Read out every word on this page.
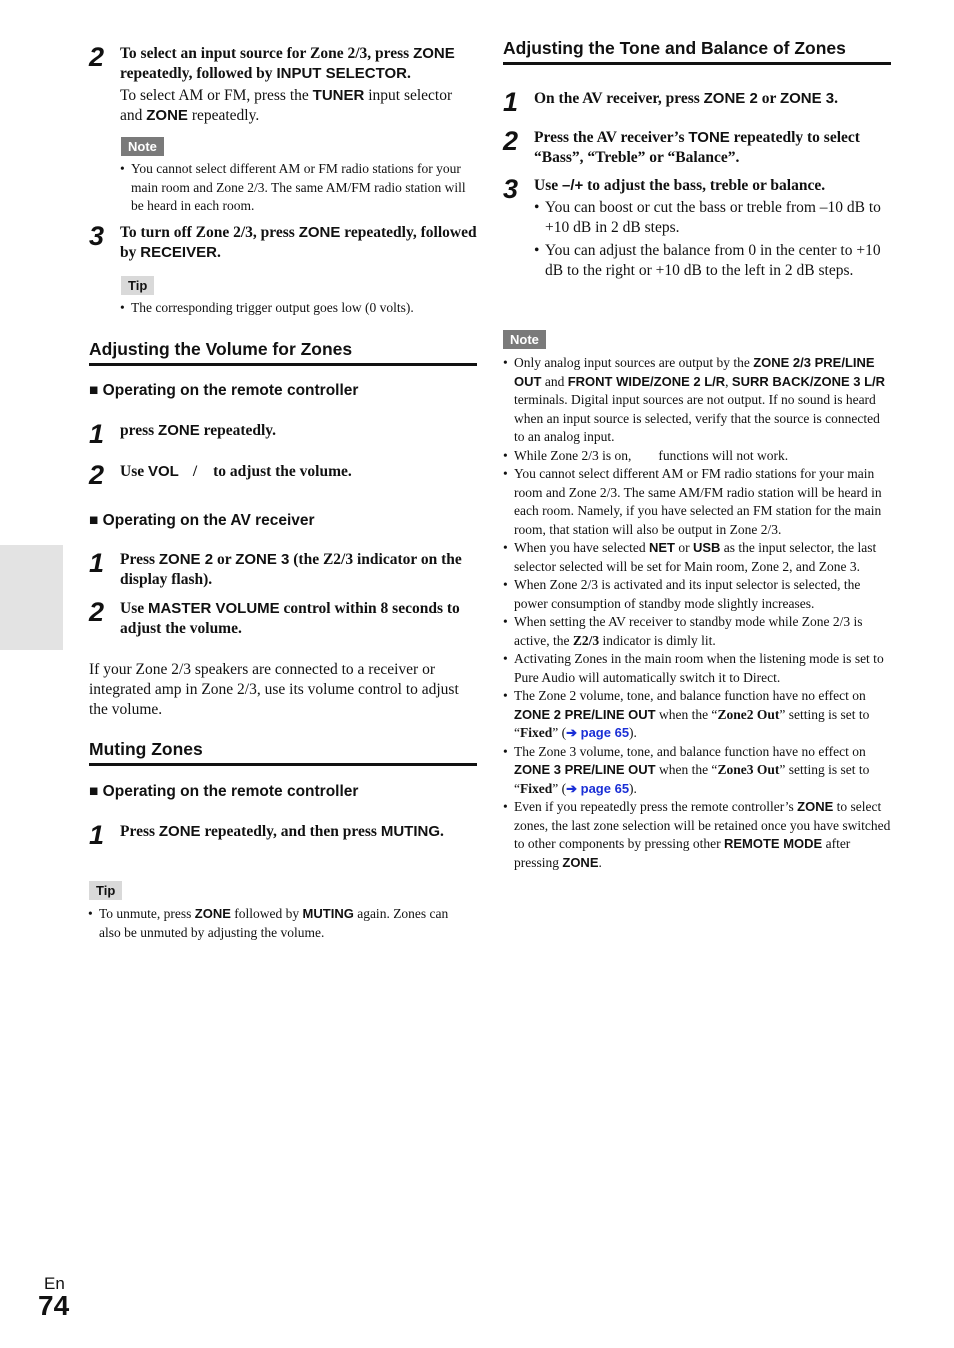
2	To select an input source for Zone 2/3, press ZONE repeatedly, followed by INPUT SELECTOR.
To select AM or FM, press the TUNER input selector and ZONE repeatedly.
Note
• You cannot select different AM or FM radio stations for your main room and Zone 2/3. The same AM/FM radio station will be heard in each room.
3	To turn off Zone 2/3, press ZONE repeatedly, followed by RECEIVER.
Tip
• The corresponding trigger output goes low (0 volts).
Adjusting the Volume for Zones
■ Operating on the remote controller
1	press ZONE repeatedly.
2	Use VOL / to adjust the volume.
■ Operating on the AV receiver
1	Press ZONE 2 or ZONE 3 (the Z2/3 indicator on the display flash).
2	Use MASTER VOLUME control within 8 seconds to adjust the volume.
If your Zone 2/3 speakers are connected to a receiver or integrated amp in Zone 2/3, use its volume control to adjust the volume.
Muting Zones
■ Operating on the remote controller
1	Press ZONE repeatedly, and then press MUTING.
Tip
• To unmute, press ZONE followed by MUTING again. Zones can also be unmuted by adjusting the volume.
Adjusting the Tone and Balance of Zones
1	On the AV receiver, press ZONE 2 or ZONE 3.
2	Press the AV receiver’s TONE repeatedly to select “Bass”, “Treble” or “Balance”.
3	Use –/+ to adjust the bass, treble or balance.
• You can boost or cut the bass or treble from –10 dB to +10 dB in 2 dB steps.
• You can adjust the balance from 0 in the center to +10 dB to the right or +10 dB to the left in 2 dB steps.
Note
• Only analog input sources are output by the ZONE 2/3 PRE/LINE OUT and FRONT WIDE/ZONE 2 L/R, SURR BACK/ZONE 3 L/R terminals. Digital input sources are not output. If no sound is heard when an input source is selected, verify that the source is connected to an analog input.
• While Zone 2/3 is on,        functions will not work.
• You cannot select different AM or FM radio stations for your main room and Zone 2/3. The same AM/FM radio station will be heard in each room. Namely, if you have selected an FM station for the main room, that station will also be output in Zone 2/3.
• When you have selected NET or USB as the input selector, the last selector selected will be set for Main room, Zone 2, and Zone 3.
• When Zone 2/3 is activated and its input selector is selected, the power consumption of standby mode slightly increases.
• When setting the AV receiver to standby mode while Zone 2/3 is active, the Z2/3 indicator is dimly lit.
• Activating Zones in the main room when the listening mode is set to Pure Audio will automatically switch it to Direct.
• The Zone 2 volume, tone, and balance function have no effect on ZONE 2 PRE/LINE OUT when the “Zone2 Out” setting is set to “Fixed” (➔ page 65).
• The Zone 3 volume, tone, and balance function have no effect on ZONE 3 PRE/LINE OUT when the “Zone3 Out” setting is set to “Fixed” (➔ page 65).
• Even if you repeatedly press the remote controller’s ZONE to select zones, the last zone selection will be retained once you have switched to other components by pressing other REMOTE MODE after pressing ZONE.
En
74
